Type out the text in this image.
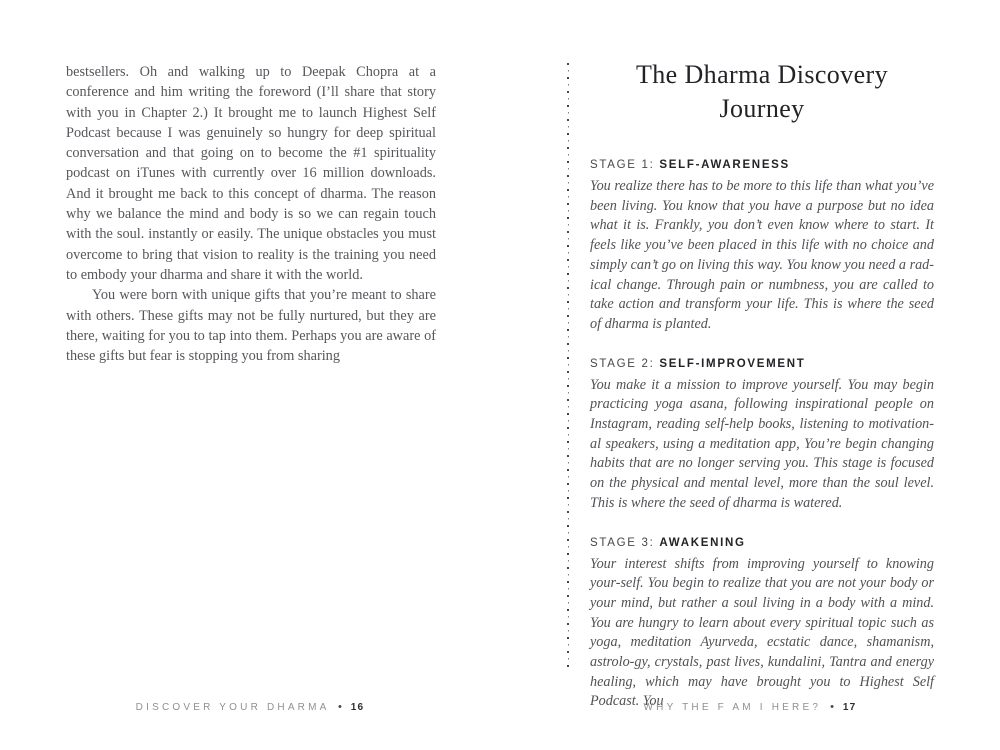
bestsellers. Oh and walking up to Deepak Chopra at a conference and him writing the foreword (I’ll share that story with you in Chapter 2.) It brought me to launch Highest Self Podcast because I was genuinely so hungry for deep spiritual conversation and that going on to become the #1 spirituality podcast on iTunes with currently over 16 million downloads. And it brought me back to this concept of dharma. The reason why we balance the mind and body is so we can regain touch with the soul. instantly or easily. The unique obstacles you must overcome to bring that vision to reality is the training you need to embody your dharma and share it with the world.

You were born with unique gifts that you’re meant to share with others. These gifts may not be fully nurtured, but they are there, waiting for you to tap into them. Perhaps you are aware of these gifts but fear is stopping you from sharing

DISCOVER YOUR DHARMA • 16
The Dharma Discovery Journey
STAGE 1: SELF-AWARENESS

You realize there has to be more to this life than what you’ve been living. You know that you have a purpose but no idea what it is. Frankly, you don’t even know where to start. It feels like you’ve been placed in this life with no choice and simply can’t go on living this way. You know you need a rad-ical change. Through pain or numbness, you are called to take action and transform your life. This is where the seed of dharma is planted.

STAGE 2: SELF-IMPROVEMENT

You make it a mission to improve yourself. You may begin practicing yoga asana, following inspirational people on Instagram, reading self-help books, listening to motivation-al speakers, using a meditation app, You’re begin changing habits that are no longer serving you. This stage is focused on the physical and mental level, more than the soul level. This is where the seed of dharma is watered.

STAGE 3: AWAKENING

Your interest shifts from improving yourself to knowing your-self. You begin to realize that you are not your body or your mind, but rather a soul living in a body with a mind. You are hungry to learn about every spiritual topic such as yoga, meditation Ayurveda, ecstatic dance, shamanism, astrolo-gy, crystals, past lives, kundalini, Tantra and energy healing, which may have brought you to Highest Self Podcast. You

WHY THE F AM I HERE? • 17
